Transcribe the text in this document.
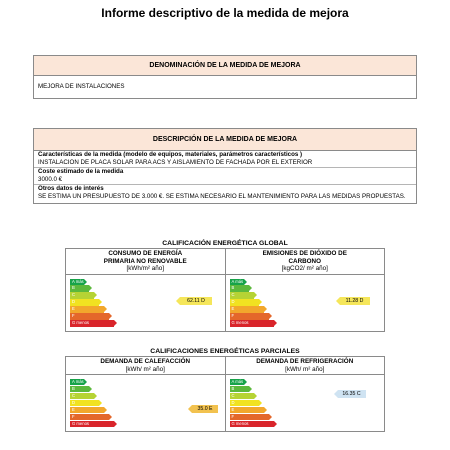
Informe descriptivo de la medida de mejora
DENOMINACIÓN DE LA MEDIDA DE MEJORA
MEJORA DE INSTALACIONES
DESCRIPCIÓN DE LA MEDIDA DE MEJORA
Características de la medida (modelo de equipos, materiales, parámetros característicos )
INSTALACION DE PLACA SOLAR PARA ACS Y AISLAMIENTO DE FACHADA POR EL EXTERIOR
Coste estimado de la medida
3000.0 €
Otros datos de interés
SE ESTIMA UN PRESUPUESTO DE 3.000 €. SE ESTIMA NECESARIO EL MANTENIMIENTO PARA LAS MEDIDAS PROPUESTAS.
CALIFICACIÓN ENERGÉTICA GLOBAL
CONSUMO DE ENERGÍA
PRIMARIA NO RENOVABLE
[kWh/m² año]
EMISIONES DE DIÓXIDO DE
CARBONO
[kgCO2/ m² año]
A más
B
C
D
E
F
G menos
62.11 D
A más
B
C
D
E
F
G menos
11.28 D
CALIFICACIONES ENERGÉTICAS PARCIALES
DEMANDA DE CALEFACCIÓN
[kWh/ m² año]
DEMANDA DE REFRIGERACIÓN
[kWh/ m² año]
A más
B
C
D
E
F
G menos
35.0 E
A más
B
C
D
E
F
G menos
16.35 C
